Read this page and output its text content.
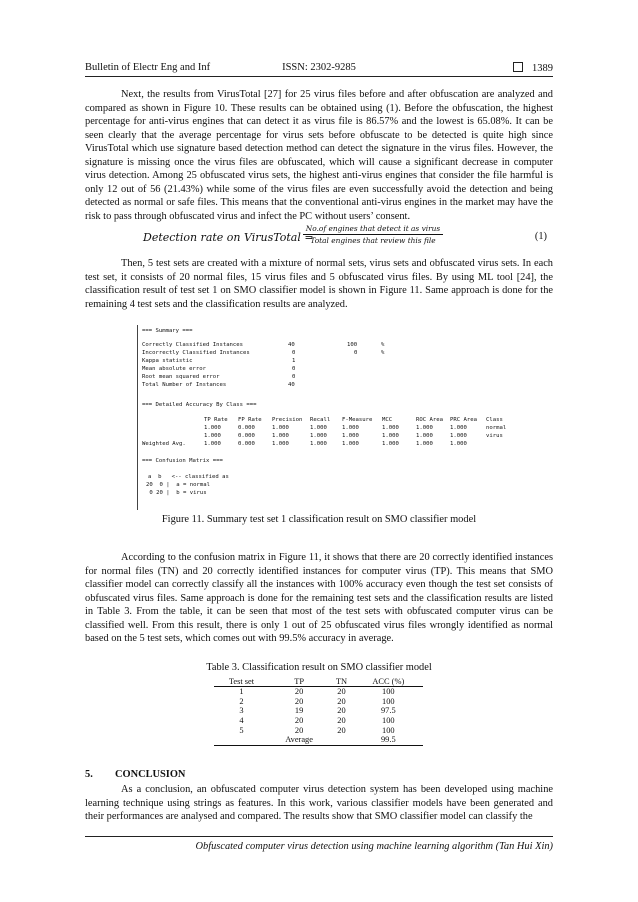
Bulletin of Electr Eng and Inf	ISSN: 2302-9285	1389

Next, the results from VirusTotal [27] for 25 virus files before and after obfuscation are analyzed and compared as shown in Figure 10. These results can be obtained using (1). Before the obfuscation, the highest percentage for anti-virus engines that can detect it as virus file is 86.57% and the lowest is 65.08%. It can be seen clearly that the average percentage for virus sets before obfuscate to be detected is quite high since VirusTotal which use signature based detection method can detect the signature in the virus files. However, the signature is missing once the virus files are obfuscated, which will cause a significant decrease in computer virus detection. Among 25 obfuscated virus sets, the highest anti-virus engines that consider the file harmful is only 12 out of 56 (21.43%) while some of the virus files are even successfully avoid the detection and being detected as normal or safe files. This means that the conventional anti-virus engines in the market may have the risk to pass through obfuscated virus and infect the PC without users’ consent.

Detection rate on VirusTotal =
No.of engines that detect it as virus
Total engines that review this file	(1)

Then, 5 test sets are created with a mixture of normal sets, virus sets and obfuscated virus sets. In each test set, it consists of 20 normal files, 15 virus files and 5 obfuscated virus files. By using ML tool [24], the classification result of test set 1 on SMO classifier model is shown in Figure 11. Same approach is done for the remaining 4 test sets and the classification results are analyzed.

=== Summary ===
Correctly Classified Instances	40	100	%
Incorrectly Classified Instances	0	0	%
Kappa statistic	1
Mean absolute error	0
Root mean squared error	0
Total Number of Instances	40
=== Detailed Accuracy By Class ===
TP Rate FP Rate Precision Recall F-Measure MCC	ROC Area PRC Area Class
1.000	0.000	1.000	1.000	1.000	1.000	1.000	1.000	normal
1.000	0.000	1.000	1.000	1.000	1.000	1.000	1.000	virus
Weighted Avg.	1.000	0.000	1.000	1.000	1.000	1.000	1.000	1.000
=== Confusion Matrix ===
a  b   <-- classified as
20  0 |  a = normal
0 20 |  b = virus
Figure 11. Summary test set 1 classification result on SMO classifier model

According to the confusion matrix in Figure 11, it shows that there are 20 correctly identified instances for normal files (TN) and 20 correctly identified instances for computer virus (TP). This means that SMO classifier model can correctly classify all the instances with 100% accuracy even though the test set consists of obfuscated virus files. Same approach is done for the remaining test sets and the classification results are listed in Table 3. From the table, it can be seen that most of the test sets with obfuscated computer virus can be classified well. From this result, there is only 1 out of 25 obfuscated virus files wrongly identified as normal based on the 5 test sets, which comes out with 99.5% accuracy in average.

Table 3. Classification result on SMO classifier model
Test set	TP	TN	ACC (%)
1	20	20	100
2	20	20	100
3	19	20	97.5
4	20	20	100
5	20	20	100
	Average		99.5
5. CONCLUSION

As a conclusion, an obfuscated computer virus detection system has been developed using machine learning technique using strings as features. In this work, various classifier models have been generated and their performances are analysed and compared. The results show that SMO classifier model can classify the

Obfuscated computer virus detection using machine learning algorithm (Tan Hui Xin)
